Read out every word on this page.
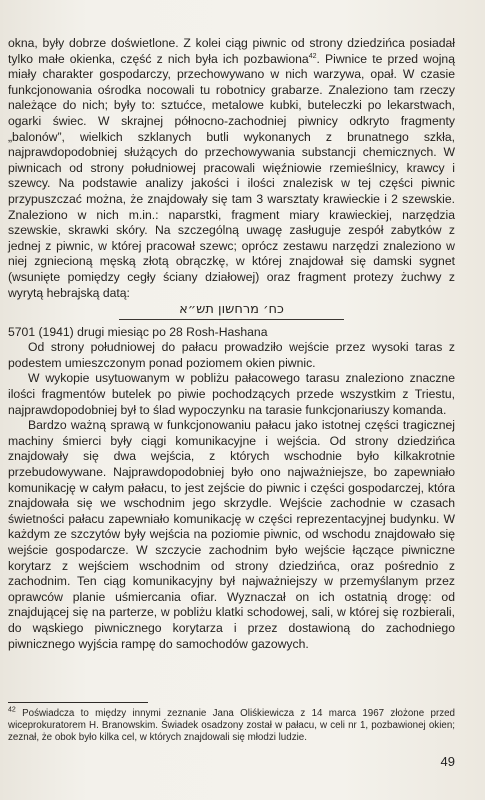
okna, były dobrze doświetlone. Z kolei ciąg piwnic od strony dziedzińca posiadał tylko małe okienka, część z nich była ich pozbawiona$^{42}$. Piwnice te przed wojną miały charakter gospodarczy, przechowywano w nich warzywa, opał. W czasie funkcjonowania ośrodka nocowali tu robotnicy grabarze. Znaleziono tam rzeczy należące do nich; były to: sztućce, metalowe kubki, buteleczki po lekarstwach, ogarki świec. W skrajnej północno-zachodniej piwnicy odkryto fragmenty „balonów”, wielkich szklanych butli wykonanych z brunatnego szkła, najprawdopodobniej służących do przechowywania substancji chemicznych. W piwnicach od strony południowej pracowali więźniowie rzemieślnicy, krawcy i szewcy. Na podstawie analizy jakości i ilości znalezisk w tej części piwnic przypuszczać można, że znajdowały się tam 3 warsztaty krawieckie i 2 szewskie. Znaleziono w nich m.in.: naparstki, fragment miary krawieckiej, narzędzia szewskie, skrawki skóry. Na szczególną uwagę zasługuje zespół zabytków z jednej z piwnic, w której pracował szewc; oprócz zestawu narzędzi znaleziono w niej zgniecioną męską złotą obrączkę, w której znajdował się damski sygnet (wsunięte pomiędzy cegły ściany działowej) oraz fragment protezy żuchwy z wyrytą hebrajską datą:

כח׳ מרחשון תש״א

5701 (1941) drugi miesiąc po 28 Rosh-Hashana

Od strony południowej do pałacu prowadziło wejście przez wysoki taras z podestem umieszczonym ponad poziomem okien piwnic.

W wykopie usytuowanym w pobliżu pałacowego tarasu znaleziono znaczne ilości fragmentów butelek po piwie pochodzących przede wszystkim z Triestu, najprawdopodobniej był to ślad wypoczynku na tarasie funkcjonariuszy komanda.

Bardzo ważną sprawą w funkcjonowaniu pałacu jako istotnej części tragicznej machiny śmierci były ciągi komunikacyjne i wejścia. Od strony dziedzińca znajdowały się dwa wejścia, z których wschodnie było kilkakrotnie przebudowywane. Najprawdopodobniej było ono najważniejsze, bo zapewniało komunikację w całym pałacu, to jest zejście do piwnic i części gospodarczej, która znajdowała się we wschodnim jego skrzydle. Wejście zachodnie w czasach świetności pałacu zapewniało komunikację w części reprezentacyjnej budynku. W każdym ze szczytów były wejścia na poziomie piwnic, od wschodu znajdowało się wejście gospodarcze. W szczycie zachodnim było wejście łączące piwniczne korytarz z wejściem wschodnim od strony dziedzińca, oraz pośrednio z zachodnim. Ten ciąg komunikacyjny był najważniejszy w przemyślanym przez oprawców planie uśmiercania ofiar. Wyznaczał on ich ostatnią drogę: od znajdującej się na parterze, w pobliżu klatki schodowej, sali, w której się rozbierali, do wąskiego piwnicznego korytarza i przez dostawioną do zachodniego piwnicznego wyjścia rampę do samochodów gazowych.

$^{42}$ Poświadcza to między innymi zeznanie Jana Oliśkiewicza z 14 marca 1967 złożone przed wiceprokuratorem H. Branowskim. Świadek osadzony został w pałacu, w celi nr 1, pozbawionej okien; zeznał, że obok było kilka cel, w których znajdowali się młodzi ludzie.
49
